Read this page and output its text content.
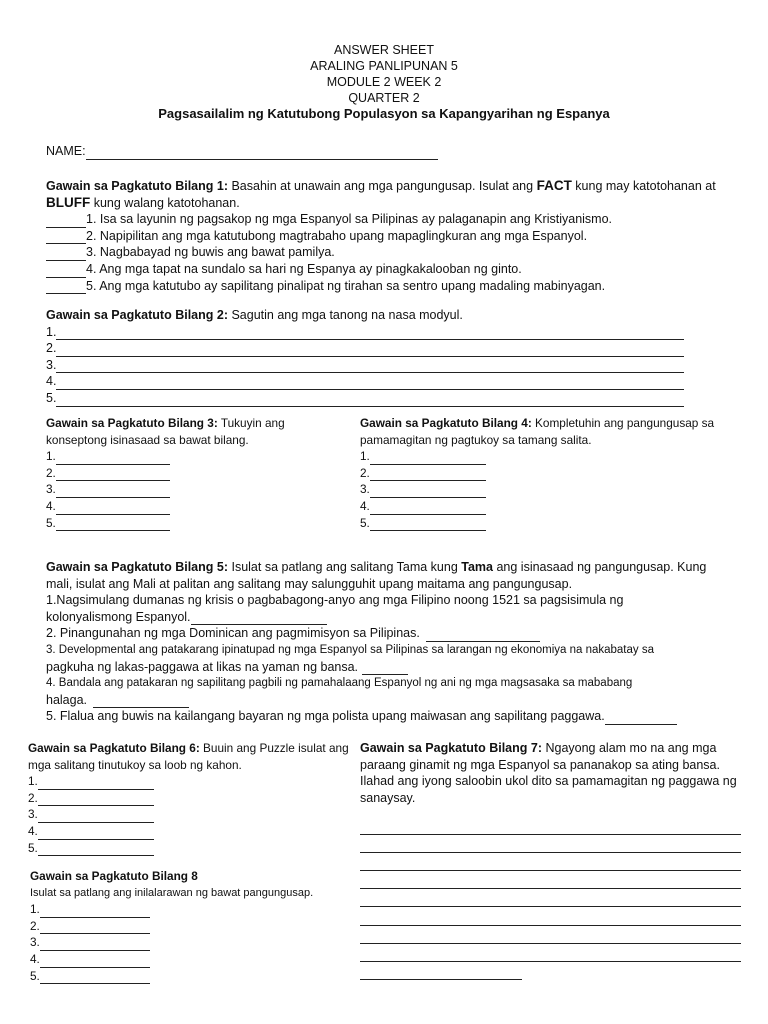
ANSWER SHEET
ARALING PANLIPUNAN 5
MODULE 2 WEEK 2
QUARTER 2
Pagsasailalim ng Katutubong Populasyon sa Kapangyarihan ng Espanya
NAME:
Gawain sa Pagkatuto Bilang 1: Basahin at unawain ang mga pangungusap. Isulat ang FACT kung may katotohanan at
BLUFF kung walang katotohanan.
1. Isa sa layunin ng pagsakop ng mga Espanyol sa Pilipinas ay palaganapin ang Kristiyanismo.
2. Napipilitan ang mga katutubong magtrabaho upang mapaglingkuran ang mga Espanyol.
3. Nagbabayad ng buwis ang bawat pamilya.
4. Ang mga tapat na sundalo sa hari ng Espanya ay pinagkakalooban ng ginto.
5. Ang mga katutubo ay sapilitang pinalipat ng tirahan sa sentro upang madaling mabinyagan.
Gawain sa Pagkatuto Bilang 2: Sagutin ang mga tanong na nasa modyul.
1.
2.
3.
4.
5.
Gawain sa Pagkatuto Bilang 3: Tukuyin ang
konseptong isinasaad sa bawat bilang.
1.
2.
3.
4.
5.
Gawain sa Pagkatuto Bilang 4: Kompletuhin ang pangungusap sa
pamamagitan ng pagtukoy sa tamang salita.
1.
2.
3.
4.
5.
Gawain sa Pagkatuto Bilang 5: Isulat sa patlang ang salitang Tama kung Tama ang isinasaad ng pangungusap. Kung
mali, isulat ang Mali at palitan ang salitang may salungguhit upang maitama ang pangungusap.
1.Nagsimulang dumanas ng krisis o pagbabagong-anyo ang mga Filipino noong 1521 sa pagsisimula ng
kolonyalismong Espanyol.
2. Pinangunahan ng mga Dominican ang pagmimisyon sa Pilipinas.
3. Developmental ang patakarang ipinatupad ng mga Espanyol sa Pilipinas sa larangan ng ekonomiya na nakabatay sa
pagkuha ng lakas-paggawa at likas na yaman ng bansa.
4. Bandala ang patakaran ng sapilitang pagbili ng pamahalaang Espanyol ng ani ng mga magsasaka sa mababang
halaga.
5. Flalua ang buwis na kailangang bayaran ng mga polista upang maiwasan ang sapilitang paggawa.
Gawain sa Pagkatuto Bilang 6: Buuin ang Puzzle isulat ang
mga salitang tinutukoy sa loob ng kahon.
1.
2.
3.
4.
5.
Gawain sa Pagkatuto Bilang 7: Ngayong alam mo na ang mga
paraang ginamit ng mga Espanyol sa pananakop sa ating bansa.
Ilahad ang iyong saloobin ukol dito sa pamamagitan ng paggawa ng
sanaysay.
Gawain sa Pagkatuto Bilang 8
Isulat sa patlang ang inilalarawan ng bawat pangungusap.
1.
2.
3.
4.
5.
